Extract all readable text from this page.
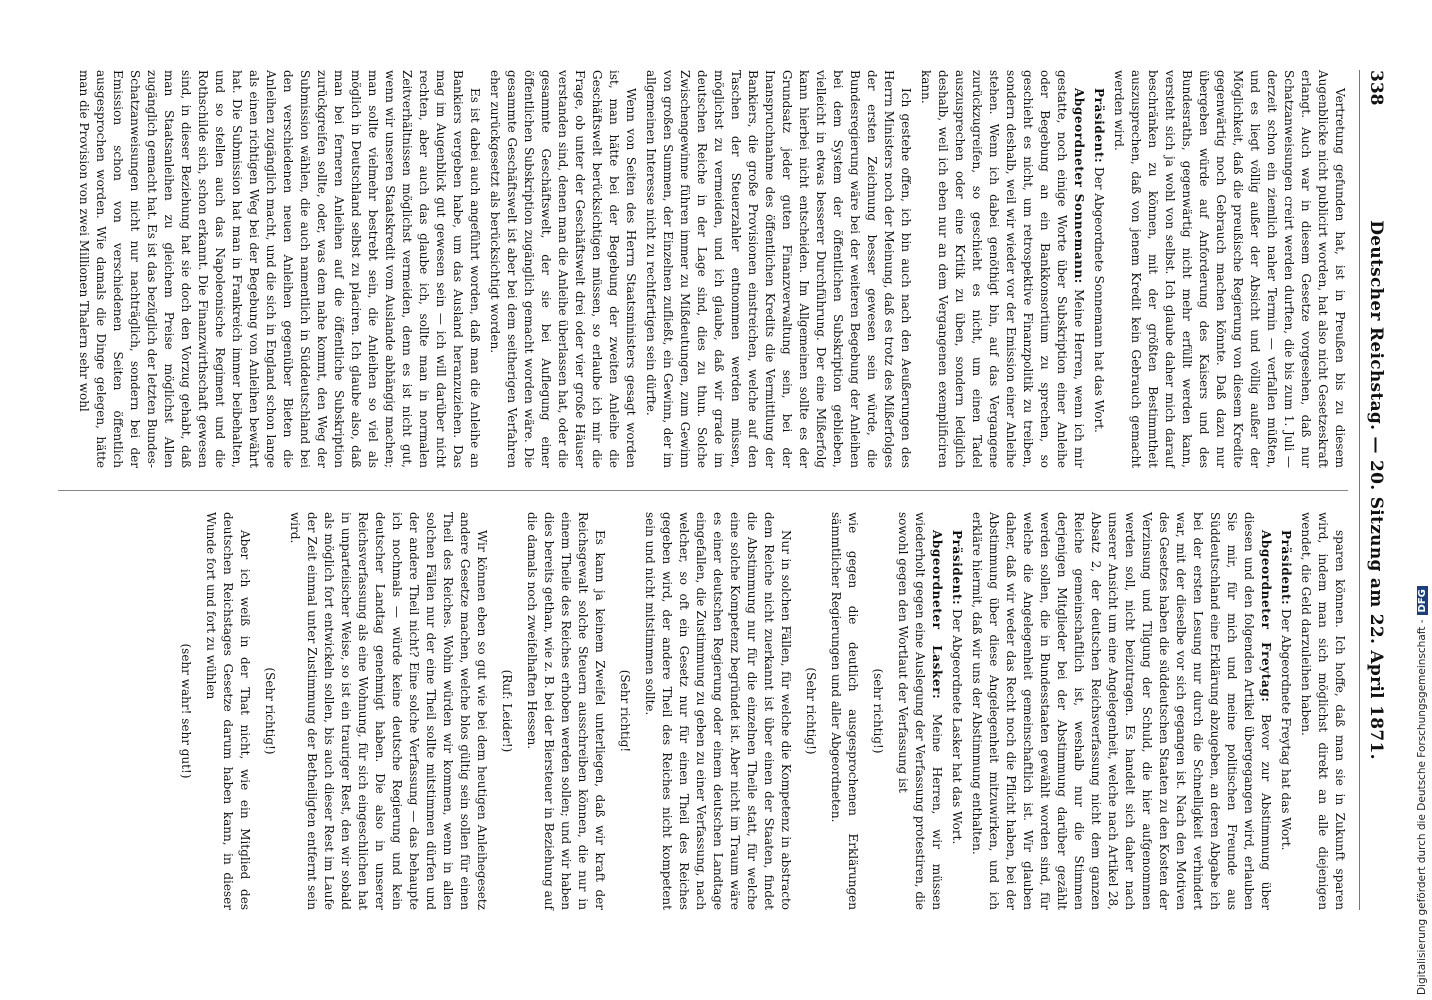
338
Deutscher Reichstag. — 20. Sitzung am 22. April 1871.

Vertretung gefunden hat, ist in Preußen bis zu diesem Augenblicke nicht publicirt worden, hat also nicht Gesetzeskraft erlangt. Auch war in diesem Gesetze vorgesehen, daß nur Schatzanweisungen creirt werden durften, die bis zum 1. Juli — derzeit schon ein ziemlich naher Termin — verfallen müßten, und es liegt völlig außer der Absicht und völlig außer der Möglichkeit, daß die preußische Regierung von diesem Kredite gegenwärtig noch Gebrauch machen könnte. Daß dazu nur übergeben würde auf Anforderung des Kaisers und des Bundesraths, gegenwärtig nicht mehr erfüllt werden kann, versteht sich ja wohl von selbst. Ich glaube daher mich darauf beschränken zu können, mit der größten Bestimmtheit auszusprechen, daß von jenem Kredit kein Gebrauch gemacht werden wird.

Präsident: Der Abgeordnete Sonnemann hat das Wort.

Abgeordneter Sonnemann: Meine Herren, wenn ich mir gestatte, noch einige Worte über Subskription einer Anleihe oder Begebung an ein Bankkonsortium zu sprechen, so geschieht es nicht, um retrospektive Finanzpolitik zu treiben, sondern deshalb, weil wir wieder vor der Emission einer Anleihe stehen. Wenn ich dabei genöthigt bin, auf das Vergangene zurückzugreifen, so geschieht es nicht, um einen Tadel auszusprechen oder eine Kritik zu üben, sondern lediglich deshalb, weil ich eben nur an dem Vergangenen exemplificiren kann.

Ich gestehe offen, ich bin auch nach den Aeußerungen des Herrn Ministers noch der Meinung, daß es trotz des Mißerfolges der ersten Zeichnung besser gewesen sein würde, die Bundesregierung wäre bei der weiteren Begebung der Anleihen bei dem System der öffentlichen Subskription geblieben, vielleicht in etwas besserer Durchführung. Der eine Mißerfolg kann hierbei nicht entscheiden. Im Allgemeinen sollte es der Grundsatz jeder guten Finanzverwaltung sein, bei der Inanspruchnahme des öffentlichen Kredits die Vermittlung der Bankiers, die große Provisionen einstreichen, welche auf den Taschen der Steuerzahler entnommen werden müssen, möglichst zu vermeiden, und ich glaube, daß wir grade im deutschen Reiche in der Lage sind, dies zu thun. Solche Zwischengewinne führen immer zu Mißdeutungen, zum Gewinn von großen Summen, der Einzelnen zufließt, ein Gewinn, der im allgemeinen Interesse nicht zu rechtfertigen sein dürfte.

Wenn von Seiten des Herrn Staatsministers gesagt worden ist, man hätte bei der Begebung der zweiten Anleihe die Geschäftswelt berücksichtigen müssen, so erlaube ich mir die Frage, ob unter der Geschäftswelt drei oder vier große Häuser verstanden sind, denen man die Anleihe überlassen hat, oder die gesammte Geschäftswelt, der sie bei Auflegung einer öffentlichen Subskription zugänglich gemacht worden wäre. Die gesammte Geschäftswelt ist aber bei dem seitherigen Verfahren eher zurückgesetzt als berücksichtigt worden.

Es ist dabei auch angeführt worden, daß man die Anleihe an Bankiers vergeben habe, um das Ausland heranzuziehen. Das mag im Augenblick gut gewesen sein — ich will darüber nicht rechten, aber auch das glaube ich, sollte man in normalen Zeitverhältnissen möglichst vermeiden, denn es ist nicht gut, wenn wir unseren Staatskredit vom Auslande abhängig machen; man sollte vielmehr bestrebt sein, die Anleihen so viel als möglich in Deutschland selbst zu placiren. Ich glaube also, daß man bei ferneren Anleihen auf die öffentliche Subskription zurückgreifen sollte, oder, was dem nahe kommt, den Weg der Submission wählen, die auch namentlich in Süddeutschland bei den verschiedenen neuen Anleihen gegenüber Bieten die Anleihen zugänglich macht, und die sich in England schon lange als einen richtigen Weg bei der Begebung von Anleihen bewährt hat. Die Submission hat man in Frankreich immer beibehalten, und so stellen auch das Napoleonische Regiment und die Rothschilde sich, schon erkannt. Die Finanzwirthschaft gewesen sind, in dieser Beziehung hat sie doch den Vorzug gehabt, daß man Staatsanleihen zu gleichem Preise möglichst Allen zugänglich gemacht hat. Es ist das bezüglich der letzten Bundes-Schatzanweisungen nicht nur nachträglich, sondern bei der Emission schon von verschiedenen Seiten öffentlich ausgesprochen worden. Wie damals die Dinge gelegen, hätte man die Provision von zwei Millionen Thalern sehr wohl

sparen können. Ich hoffe, daß man sie in Zukunft sparen wird, indem man sich möglichst direkt an alle diejenigen wendet, die Geld darzuleihen haben.

Präsident: Der Abgeordnete Freytag hat das Wort.

Abgeordneter Freytag: Bevor zur Abstimmung über diesen und den folgenden Artikel übergegangen wird, erlauben Sie mir, für mich und meine politischen Freunde aus Süddeutschland eine Erklärung abzugeben, an deren Abgabe ich bei der ersten Lesung nur durch die Schnelligkeit verhindert war, mit der dieselbe vor sich gegangen ist. Nach den Motiven des Gesetzes haben die süddeutschen Staaten zu den Kosten der Verzinsung und Tilgung der Schuld, die hier aufgenommen werden soll, nicht beizutragen. Es handelt sich daher nach unserer Ansicht um eine Angelegenheit, welche nach Artikel 28, Absatz 2, der deutschen Reichsverfassung nicht dem ganzen Reiche gemeinschaftlich ist, weshalb nur die Stimmen derjenigen Mitglieder bei der Abstimmung darüber gezählt werden sollen, die in Bundesstaaten gewählt worden sind, für welche die Angelegenheit gemeinschaftlich ist. Wir glauben daher, daß wir weder das Recht noch die Pflicht haben, bei der Abstimmung über diese Angelegenheit mitzuwirken, und ich erkläre hiermit, daß wir uns der Abstimmung enthalten.

Präsident: Der Abgeordnete Lasker hat das Wort.

Abgeordneter Lasker: Meine Herren, wir müssen wiederholt gegen eine Auslegung der Verfassung protestiren, die sowohl gegen den Wortlaut der Verfassung ist

(sehr richtig!)

wie gegen die deutlich ausgesprochenen Erklärungen sämmtlicher Regierungen und aller Abgeordneten.

(Sehr richtig!)

Nur in solchen Fällen, für welche die Kompetenz in abstracto dem Reiche nicht zuerkannt ist über einen der Staaten, findet die Abstimmung nur für die einzelnen Theile statt, für welche eine solche Kompetenz begründet ist. Aber nicht im Traum wäre es einer deutschen Regierung oder einem deutschen Landtage eingefallen, die Zustimmung zu geben zu einer Verfassung, nach welcher, so oft ein Gesetz nur für einen Theil des Reiches gegeben wird, der andere Theil des Reiches nicht kompetent sein und nicht mitstimmen sollte.

(Sehr richtig!

Es kann ja keinem Zweifel unterliegen, daß wir kraft der Reichsgewalt solche Steuern ausschreiben können, die nur in einem Theile des Reiches erhoben werden sollen; und wir haben dies bereits gethan, wie z. B. bei der Biersteuer in Beziehung auf die damals noch zweifelhaften Hessen.

(Ruf: Leider!)

Wir können eben so gut wie bei dem heutigen Anleihegesetz andere Gesetze machen, welche blos gültig sein sollen für einen Theil des Reiches. Wohin würden wir kommen, wenn in allen solchen Fällen nur der eine Theil sollte mitstimmen dürfen und der andere Theil nicht? Eine solche Verfassung — das behaupte ich nochmals — würde keine deutsche Regierung und kein deutscher Landtag genehmigt haben. Die also in unserer Reichsverfassung als eine Wohnung, für sich eingeschlichen hat in unparteiischer Weise, so ist ein trauriger Rest, den wir sobald als möglich fort entwickeln sollen, bis auch dieser Rest im Laufe der Zeit einmal unter Zustimmung der Betheiligten entfernt sein wird.

(Sehr richtig!)

Aber ich weiß in der That nicht, wie ein Mitglied des deutschen Reichstages Gesetze darum haben kann, in dieser Wunde fort und fort zu wühlen

(sehr wahr! sehr gut!)	Digitalisierung gefördert durch die Deutsche Forschungsgemeinschaft -DFG
